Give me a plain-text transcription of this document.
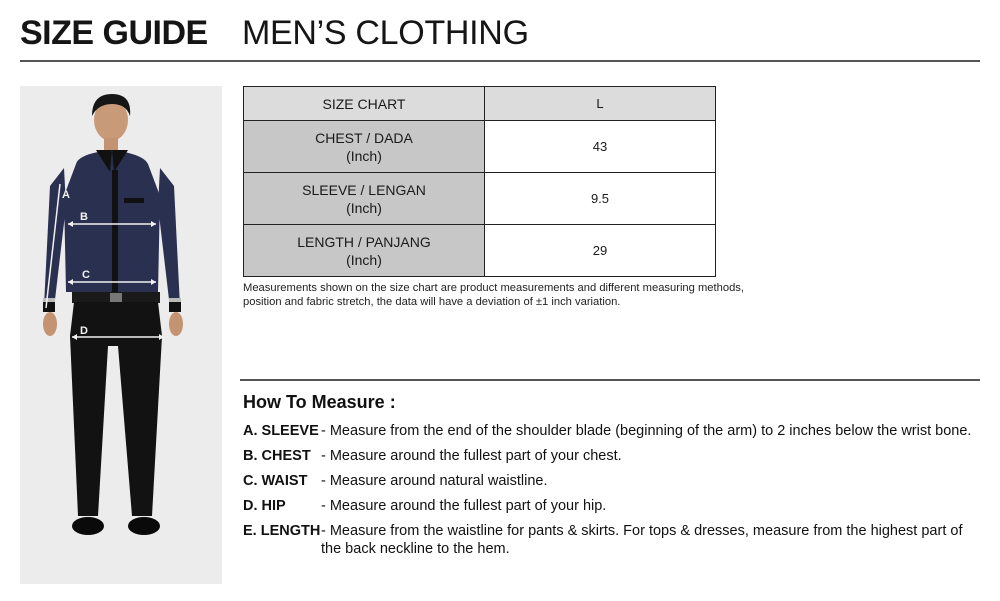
SIZE GUIDE MEN’S CLOTHING
A
B
C
D
SIZE CHART	L

CHEST / DADA
(Inch)	43

SLEEVE / LENGAN
(Inch)	9.5

LENGTH / PANJANG
(Inch)	29
Measurements shown on the size chart are product measurements and different measuring methods, position and fabric stretch, the data will have a deviation of ±1 inch variation.
How To Measure :
A. SLEEVE - Measure from the end of the shoulder blade (beginning of the arm) to 2 inches below the wrist bone.
B. CHEST - Measure around the fullest part of your chest.
C. WAIST - Measure around natural waistline.
D. HIP	- Measure around the fullest part of your hip.
E. LENGTH - Measure from the waistline for pants & skirts. For tops & dresses, measure from the highest part of the back neckline to the hem.
